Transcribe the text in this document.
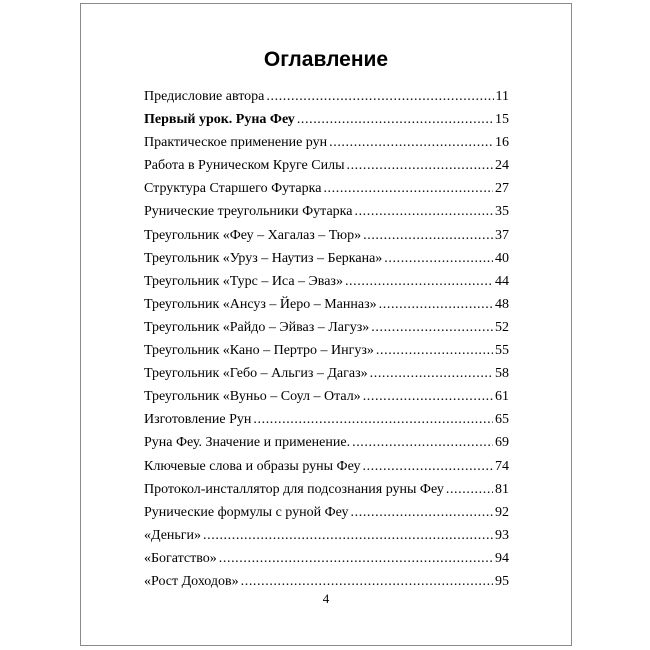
Оглавление
Предисловие автора .....	11
Первый урок. Руна Феу .....	15
Практическое применение рун .....	16
Работа в Руническом Круге Силы .....	24
Структура Старшего Футарка .....	27
Рунические треугольники Футарка .....	35
Треугольник «Феу – Хагалаз – Тюр» .....	37
Треугольник «Уруз – Наутиз – Беркана» .....	40
Треугольник «Турс – Иса – Эваз» .....	44
Треугольник «Ансуз – Йеро – Манназ» .....	48
Треугольник «Райдо – Эйваз – Лагуз» .....	52
Треугольник «Кано – Пертро – Ингуз» .....	55
Треугольник «Гебо – Альгиз – Дагаз» .....	58
Треугольник «Вуньо – Соул – Отал» .....	61
Изготовление Рун .....	65
Руна Феу. Значение и применение. .....	69
Ключевые слова и образы руны Феу .....	74
Протокол-инсталлятор для подсознания руны Феу .....	81
Рунические формулы с руной Феу .....	92
«Деньги» .....	93
«Богатство» .....	94
«Рост Доходов» .....	95
4
